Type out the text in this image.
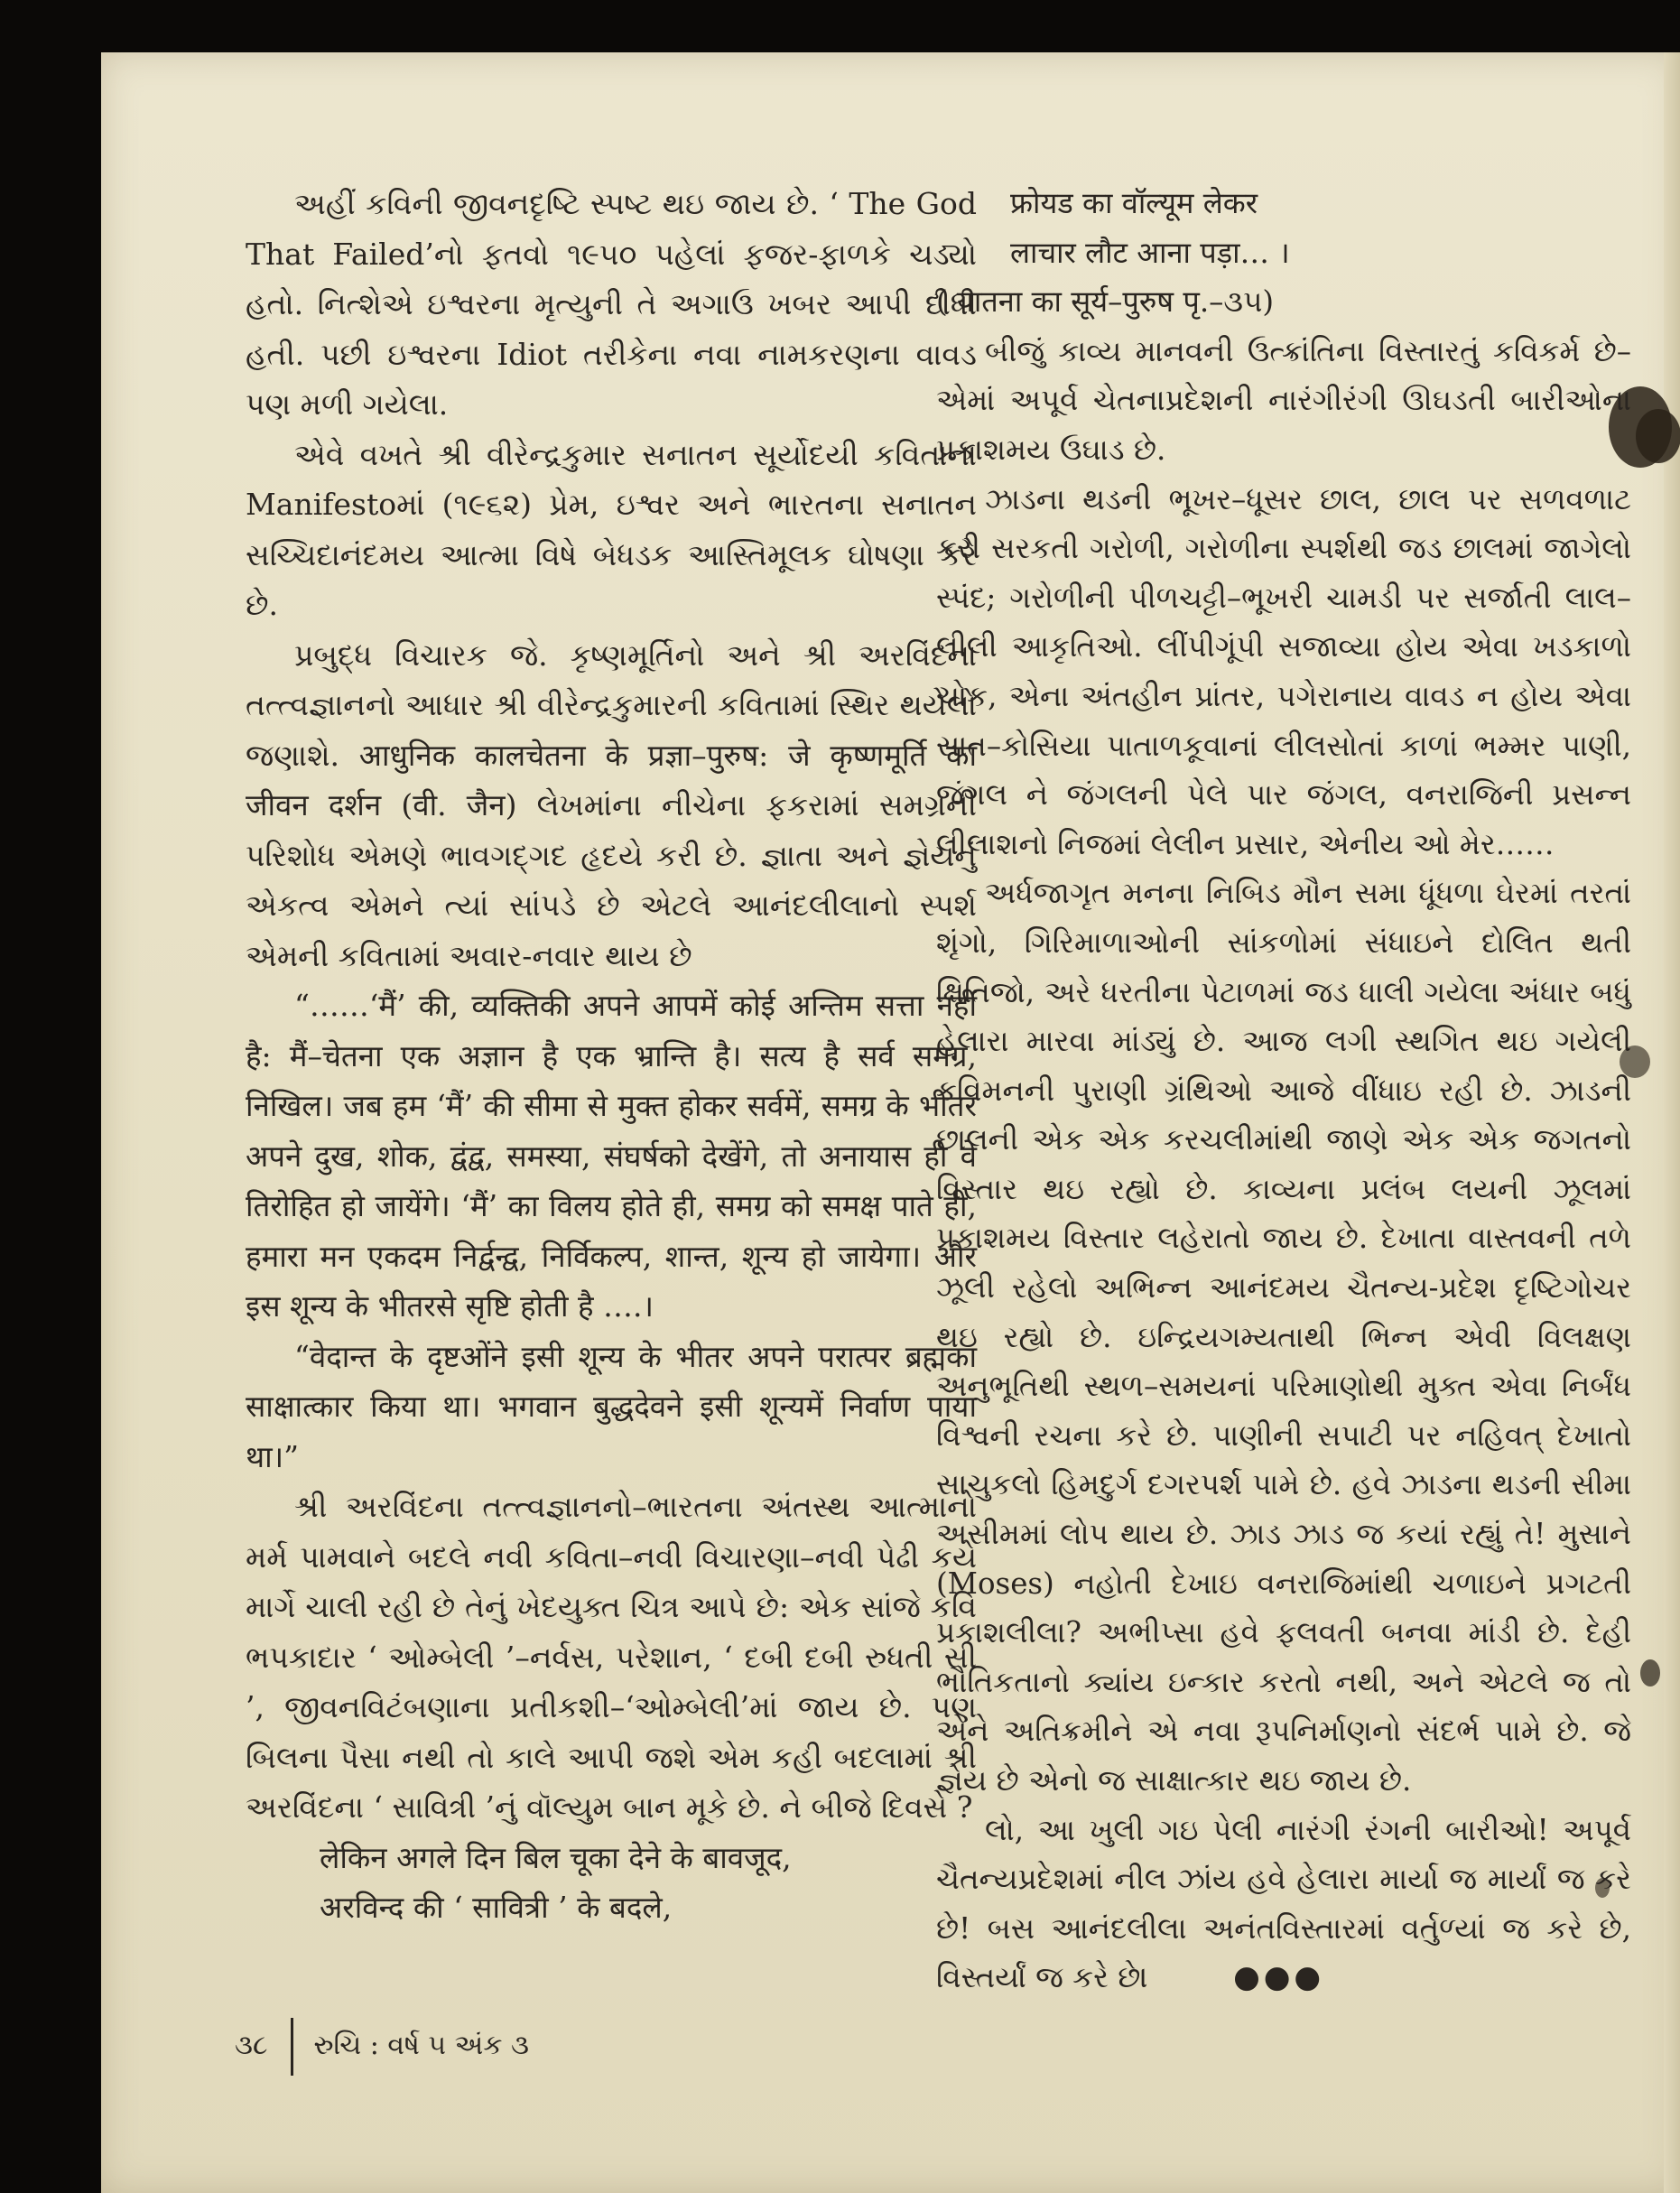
અહીં કવિની જીવનદૃષ્ટિ સ્પષ્ટ થઇ જાય છે. ‘ The God That Failed’નો ફતવો ૧૯૫૦ પહેલાં ફજર-ફાળકે ચડ્યો હતો. નિત્શેએ ઇશ્વરના મૃત્યુની તે અગાઉ ખબર આપી દીધી હતી. પછી ઇશ્વરના Idiot તરીકેના નવા નામકરણના વાવડ પણ મળી ગયેલા.

એવે વખતે શ્રી વીરેન્દ્રકુમાર સનાતન સૂર્યોદયી કવિતાના Manifestoમાં (૧૯૬૨) પ્રેમ, ઇશ્વર અને ભારતના સનાતન સચ્ચિદાનંદમય આત્મા વિષે બેધડક આસ્તિમૂલક ઘોષણા કરે છે.

પ્રબુદ્ધ વિચારક જે. કૃષ્ણમૂર્તિનો અને શ્રી અરવિંદના તત્ત્વજ્ઞાનનો આધાર શ્રી વીરેન્દ્રકુમારની કવિતામાં સ્થિર થયેલો જણાશે. आधुनिक कालचेतना के प्रज्ञा–पुरुष: जे कृष्णमूर्ति का जीवन दर्शन (वी. जैन) લેખમાંના નીચેના ફકરામાં સમગ્રની પરિશોધ એમણે ભાવગદ્ગદ હૃદયે કરી છે. જ્ઞાતા અને જ્ઞેયનું એકત્વ એમને ત્યાં સાંપડે છે એટલે આનંદલીલાનો સ્પર્શ એમની કવિતામાં અવાર-નવાર થાય છે

“……‘मैं’ की, व्यक्तिकी अपने आपमें कोई अन्तिम सत्ता नहीं है: मैं–चेतना एक अज्ञान है एक भ्रान्ति है। सत्य है सर्व समग्र, निखिल। जब हम ‘मैं’ की सीमा से मुक्त होकर सर्वमें, समग्र के भीतर अपने दुख, शोक, द्वंद्व, समस्या, संघर्षको देखेंगे, तो अनायास ही वे तिरोहित हो जायेंगे। ‘मैं’ का विलय होते ही, समग्र को समक्ष पाते ही, हमारा मन एकदम निर्द्वन्द्व, निर्विकल्प, शान्त, शून्य हो जायेगा। और इस शून्य के भीतरसे सृष्टि होती है ….।

“वेदान्त के दृष्टओंने इसी शून्य के भीतर अपने परात्पर ब्रह्मका साक्षात्कार किया था। भगवान बुद्धदेवने इसी शून्यमें निर्वाण पाया था।”

શ્રી અરવિંદના તત્ત્વજ્ઞાનનો–ભારતના અંતસ્થ આત્માનો મર્મ પામવાને બદલે નવી કવિતા–નવી વિચારણા–નવી પેઢી કયે માર્ગે ચાલી રહી છે તેનું ખેદયુક્ત ચિત્ર આપે છે: એક સાંજે કવિ ભપકાદાર ‘ ઓમ્બેલી ’–નર્વસ, પરેશાન, ‘ દબી દબી રુધતી સી ’, જીવનવિટંબણાના પ્રતીકશી–‘ઓમ્બેલી’માં જાય છે. પણ બિલના પૈસા નથી તો કાલે આપી જશે એમ કહી બદલામાં શ્રી અરવિંદના ‘ સાવિત્રી ’નું વૉલ્યુમ બાન મૂકે છે. ને બીજે દિવસે ?

लेकिन अगले दिन बिल चूका देने के बावजूद,

अरविन्द की ‘ सावित्री ’ के बदले,

फ्रोयड का वॉल्यूम लेकर

लाचार लौट आना पड़ा… ।

( यातना का सूर्य–पुरुष पृ.–૩૫)

બીજું કાવ્ય માનવની ઉત્ક્રાંતિના વિસ્તારતું કવિકર્મ છે–એમાં અપૂર્વ ચેતનાપ્રદેશની નારંગીરંગી ઊઘડતી બારીઓના પ્રકાશમય ઉઘાડ છે.

ઝાડના થડની ભૂખર–ધૂસર છાલ, છાલ પર સળવળાટ કરી સરકતી ગરોળી, ગરોળીના સ્પર્શથી જડ છાલમાં જાગેલો સ્પંદ; ગરોળીની પીળચટ્ટી–ભૂખરી ચામડી પર સર્જાતી લાલ–લીલી આકૃતિઓ. લીંપીગૂંપી સજાવ્યા હોય એવા ખડકાળો ચોક, એના અંતહીન પ્રાંતર, પગેરાનાય વાવડ ન હોય એવા સાત–કોસિયા પાતાળકૂવાનાં લીલસોતાં કાળાં ભમ્મર પાણી, જંગલ ને જંગલની પેલે પાર જંગલ, વનરાજિની પ્રસન્ન લીલાશનો નિજમાં લેલીન પ્રસાર, એનીય ઓ મેર……

અર્ધજાગૃત મનના નિબિડ મૌન સમા ધૂંધળા ઘેરમાં તરતાં શૃંગો, ગિરિમાળાઓની સાંકળોમાં સંધાઇને દોલિત થતી ક્ષિતિજો, અરે ધરતીના પેટાળમાં જડ ધાલી ગયેલા અંધાર બધું હેલારા મારવા માંડ્યું છે. આજ લગી સ્થગિત થઇ ગયેલી કવિમનની પુરાણી ગ્રંથિઓ આજે વીંધાઇ રહી છે. ઝાડની છાલની એક એક કરચલીમાંથી જાણે એક એક જગતનો વિસ્તાર થઇ રહ્યો છે. કાવ્યના પ્રલંબ લયની ઝૂલમાં પ્રકાશમય વિસ્તાર લહેરાતો જાય છે. દેખાતા વાસ્તવની તળે ઝૂલી રહેલો અભિન્ન આનંદમય ચૈતન્ય-પ્રદેશ દૃષ્ટિગોચર થઇ રહ્યો છે. ઇન્દ્રિયગમ્યતાથી ભિન્ન એવી વિલક્ષણ અનુભૂતિથી સ્થળ–સમયનાં પરિમાણોથી મુક્ત એવા નિર્બંધ વિશ્વની રચના કરે છે. પાણીની સપાટી પર નહિવત્ દેખાતો સાચુકલો હિમદુર્ગ દગરપર્શ પામે છે. હવે ઝાડના થડની સીમા અસીમમાં લોપ થાય છે. ઝાડ ઝાડ જ કયાં રહ્યું તે! મુસાને (Moses) નહોતી દેખાઇ વનરાજિમાંથી ચળાઇને પ્રગટતી પ્રકાશલીલા? અભીપ્સા હવે ફલવતી બનવા માંડી છે. દેહી ભૌતિકતાનો ક્યાંય ઇન્કાર કરતો નથી, અને એટલે જ તો એને અતિક્રમીને એ નવા રૂપનિર્માણનો સંદર્ભ પામે છે. જે જ્ઞેય છે એનો જ સાક્ષાત્કાર થઇ જાય છે.

લો, આ ખુલી ગઇ પેલી નારંગી રંગની બારીઓ! અપૂર્વ ચૈતન્યપ્રદેશમાં નીલ ઝાંય હવે હેલારા માર્યા જ માર્યાં જ કરે છે! બસ આનંદલીલા અનંતવિસ્તારમાં વર્તુળ્યાં જ કરે છે, વિસ્તર્યાં જ કરે છે।	●●●

૩૮ રુચિ : વર્ષ ૫ અંક ૩
